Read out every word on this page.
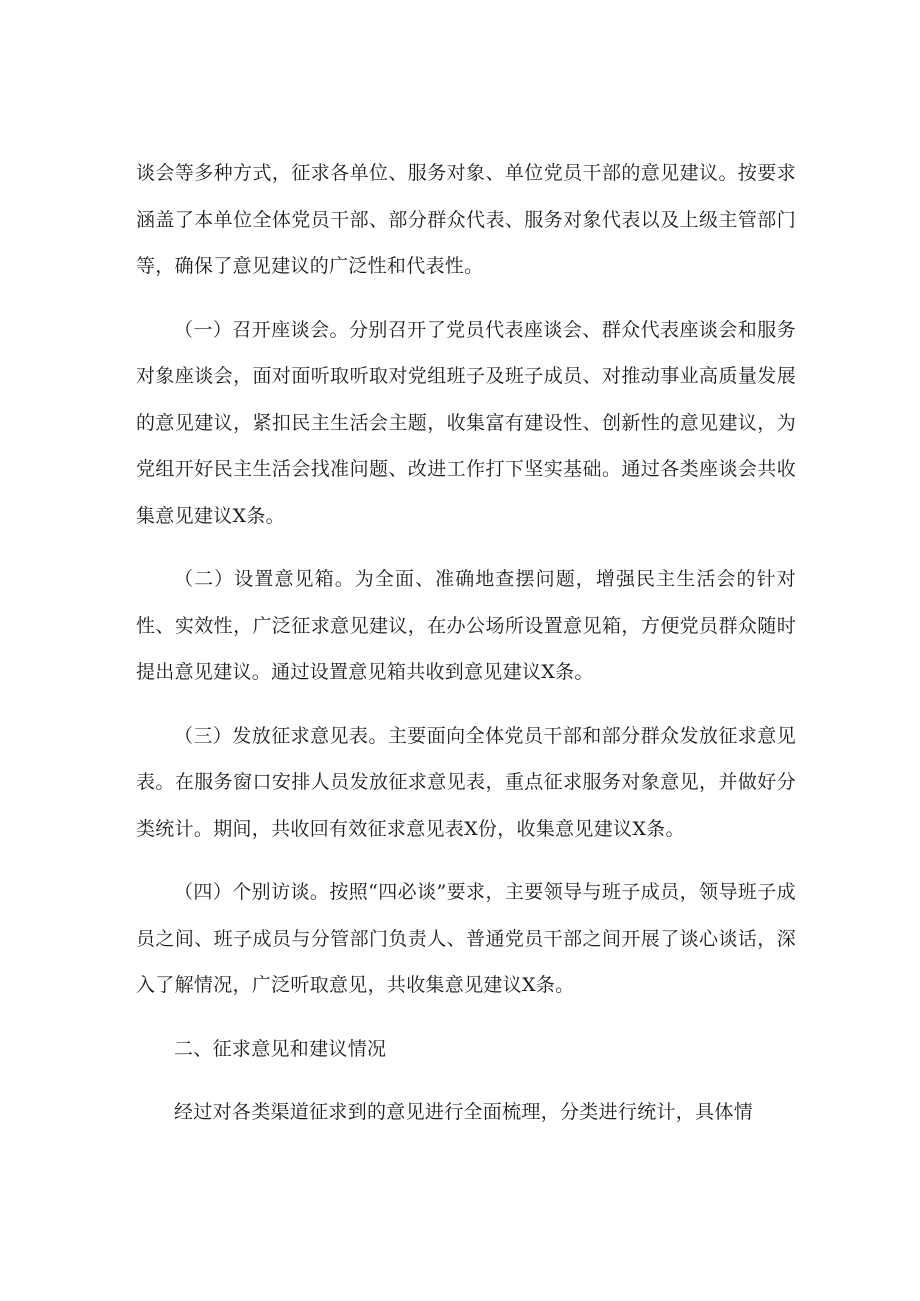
谈会等多种方式，征求各单位、服务对象、单位党员干部的意见建议。按要求涵盖了本单位全体党员干部、部分群众代表、服务对象代表以及上级主管部门等，确保了意见建议的广泛性和代表性。

（一）召开座谈会。分别召开了党员代表座谈会、群众代表座谈会和服务对象座谈会，面对面听取听取对党组班子及班子成员、对推动事业高质量发展的意见建议，紧扣民主生活会主题，收集富有建设性、创新性的意见建议，为党组开好民主生活会找准问题、改进工作打下坚实基础。通过各类座谈会共收集意见建议X条。

（二）设置意见箱。为全面、准确地查摆问题，增强民主生活会的针对性、实效性，广泛征求意见建议，在办公场所设置意见箱，方便党员群众随时提出意见建议。通过设置意见箱共收到意见建议X条。

（三）发放征求意见表。主要面向全体党员干部和部分群众发放征求意见表。在服务窗口安排人员发放征求意见表，重点征求服务对象意见，并做好分类统计。期间，共收回有效征求意见表X份，收集意见建议X条。

（四）个别访谈。按照“四必谈”要求，主要领导与班子成员，领导班子成员之间、班子成员与分管部门负责人、普通党员干部之间开展了谈心谈话，深入了解情况，广泛听取意见，共收集意见建议X条。

二、征求意见和建议情况

经过对各类渠道征求到的意见进行全面梳理，分类进行统计，具体情
